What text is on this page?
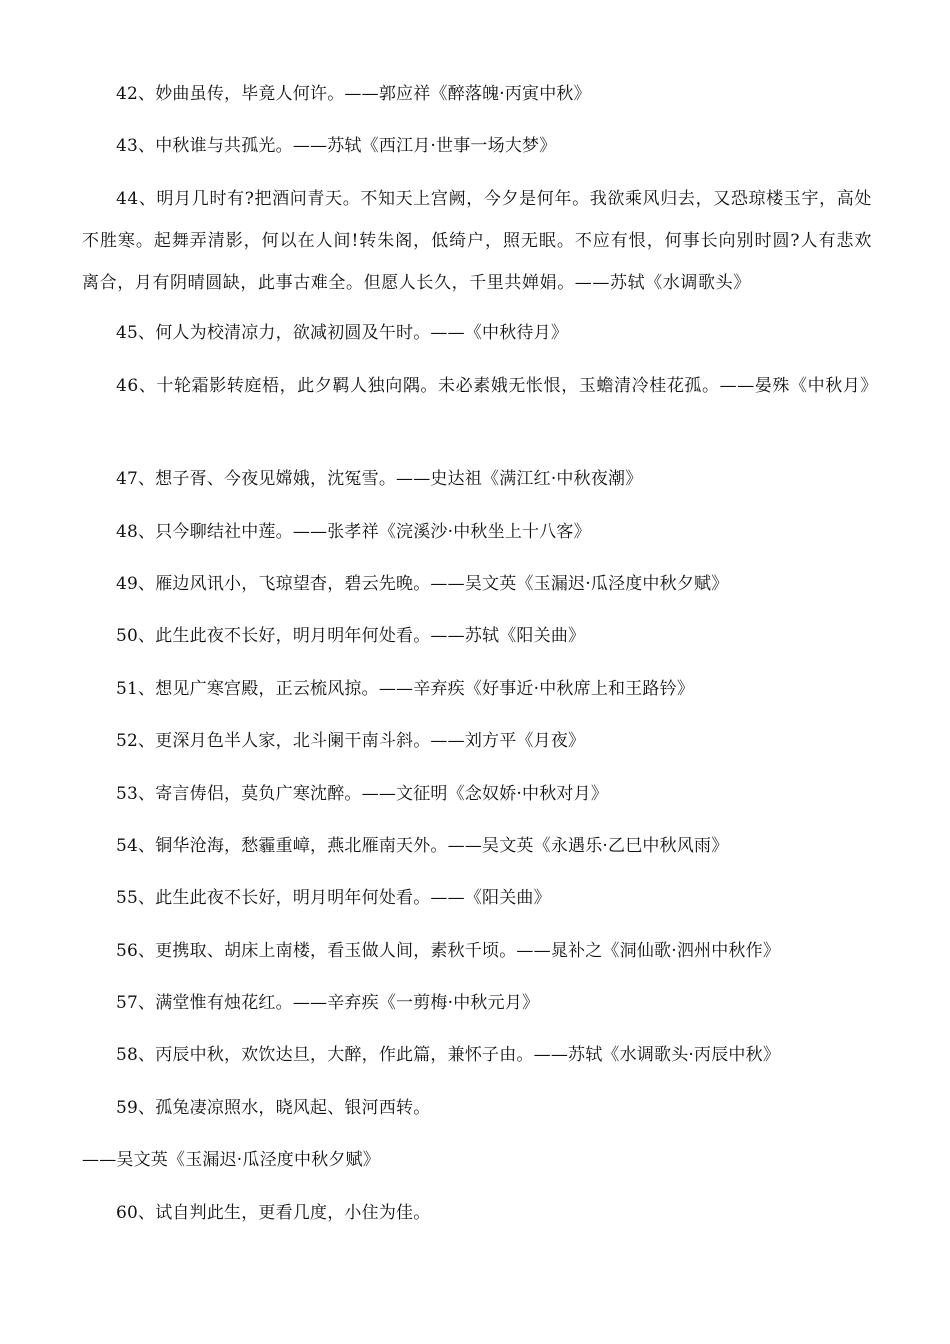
42、妙曲虽传，毕竟人何许。——郭应祥《醉落魄·丙寅中秋》
43、中秋谁与共孤光。——苏轼《西江月·世事一场大梦》
44、明月几时有?把酒问青天。不知天上宫阙，今夕是何年。我欲乘风归去，又恐琼楼玉宇，高处不胜寒。起舞弄清影，何以在人间!转朱阁，低绮户，照无眠。不应有恨，何事长向别时圆?人有悲欢离合，月有阴晴圆缺，此事古难全。但愿人长久，千里共婵娟。——苏轼《水调歌头》
45、何人为校清凉力，欲减初圆及午时。——《中秋待月》
46、十轮霜影转庭梧，此夕羁人独向隅。未必素娥无怅恨，玉蟾清冷桂花孤。——晏殊《中秋月》
47、想子胥、今夜见嫦娥，沈冤雪。——史达祖《满江红·中秋夜潮》
48、只今聊结社中莲。——张孝祥《浣溪沙·中秋坐上十八客》
49、雁边风讯小，飞琼望杳，碧云先晚。——吴文英《玉漏迟·瓜泾度中秋夕赋》
50、此生此夜不长好，明月明年何处看。——苏轼《阳关曲》
51、想见广寒宫殿，正云梳风掠。——辛弃疾《好事近·中秋席上和王路钤》
52、更深月色半人家，北斗阑干南斗斜。——刘方平《月夜》
53、寄言俦侣，莫负广寒沈醉。——文征明《念奴娇·中秋对月》
54、铜华沧海，愁霾重嶂，燕北雁南天外。——吴文英《永遇乐·乙巳中秋风雨》
55、此生此夜不长好，明月明年何处看。——《阳关曲》
56、更携取、胡床上南楼，看玉做人间，素秋千顷。——晁补之《洞仙歌·泗州中秋作》
57、满堂惟有烛花红。——辛弃疾《一剪梅·中秋元月》
58、丙辰中秋，欢饮达旦，大醉，作此篇，兼怀子由。——苏轼《水调歌头·丙辰中秋》
59、孤兔凄凉照水，晓风起、银河西转。
——吴文英《玉漏迟·瓜泾度中秋夕赋》
60、试自判此生，更看几度，小住为佳。
